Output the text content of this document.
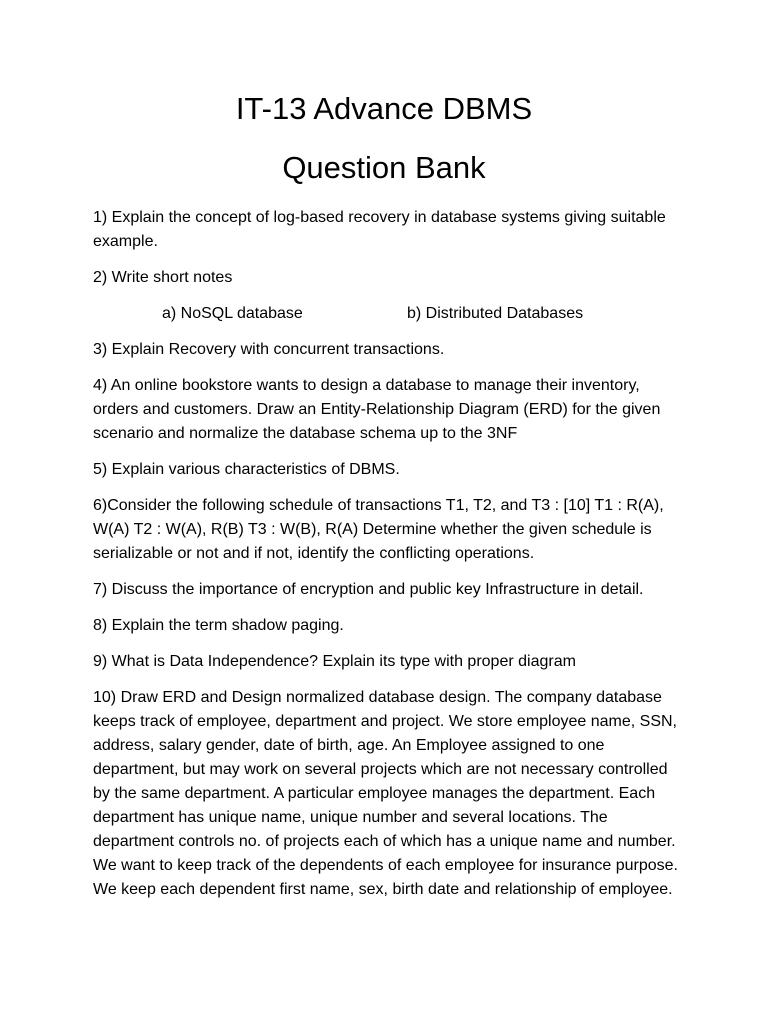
IT-13 Advance DBMS
Question Bank

1) Explain the concept of log-based recovery in database systems giving suitable example.

2) Write short notes

a) NoSQL database	b) Distributed Databases

3) Explain Recovery with concurrent transactions.

4) An online bookstore wants to design a database to manage their inventory, orders and customers. Draw an Entity-Relationship Diagram (ERD) for the given scenario and normalize the database schema up to the 3NF

5) Explain various characteristics of DBMS.

6)Consider the following schedule of transactions T1, T2, and T3 : [10] T1 : R(A), W(A) T2 : W(A), R(B) T3 : W(B), R(A) Determine whether the given schedule is serializable or not and if not, identify the conflicting operations.

7) Discuss the importance of encryption and public key Infrastructure in detail.

8) Explain the term shadow paging.

9) What is Data Independence? Explain its type with proper diagram

10) Draw ERD and Design normalized database design. The company database keeps track of employee, department and project. We store employee name, SSN, address, salary gender, date of birth, age. An Employee assigned to one department, but may work on several projects which are not necessary controlled by the same department. A particular employee manages the department. Each department has unique name, unique number and several locations. The department controls no. of projects each of which has a unique name and number. We want to keep track of the dependents of each employee for insurance purpose. We keep each dependent first name, sex, birth date and relationship of employee.
